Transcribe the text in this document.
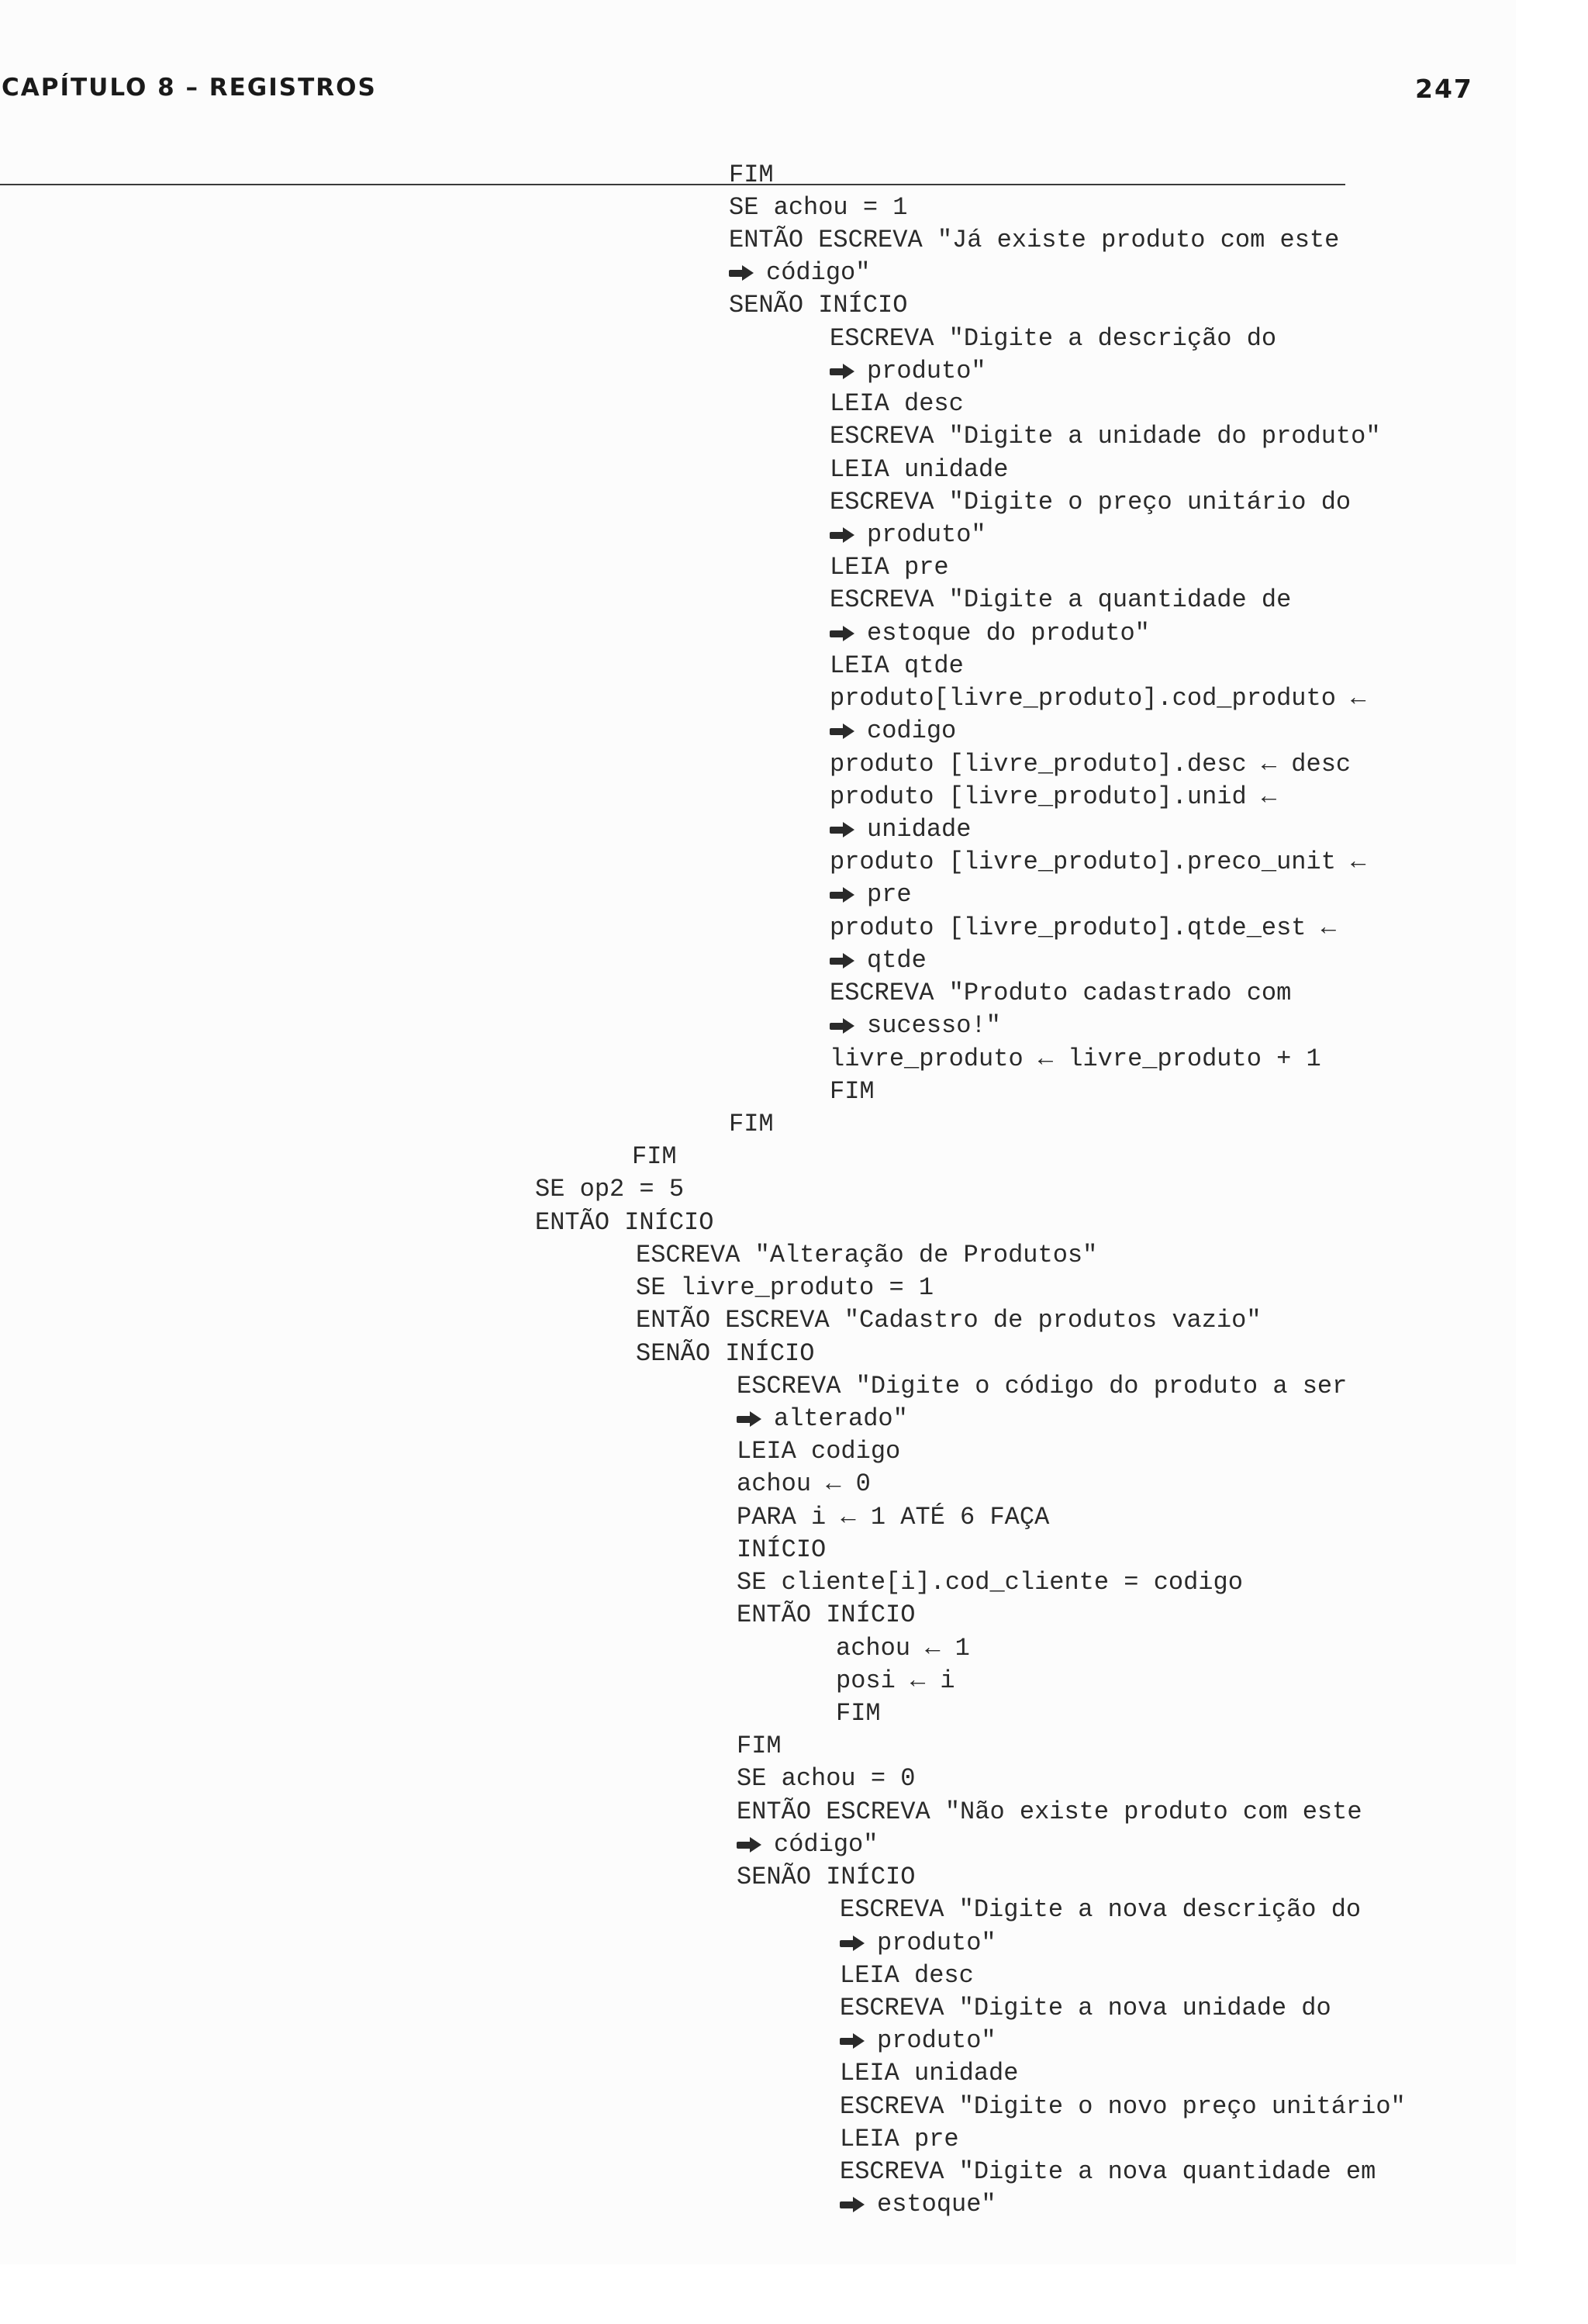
CAPÍTULO 8 – REGISTROS	247
FIM
SE achou = 1
ENTÃO ESCREVA "Já existe produto com este
código"
SENÃO INÍCIO
ESCREVA "Digite a descrição do
produto"
LEIA desc
ESCREVA "Digite a unidade do produto"
LEIA unidade
ESCREVA "Digite o preço unitário do
produto"
LEIA pre
ESCREVA "Digite a quantidade de
estoque do produto"
LEIA qtde
produto[livre_produto].cod_produto ←
codigo
produto [livre_produto].desc ← desc
produto [livre_produto].unid ←
unidade
produto [livre_produto].preco_unit ←
pre
produto [livre_produto].qtde_est ←
qtde
ESCREVA "Produto cadastrado com
sucesso!"
livre_produto ← livre_produto + 1
FIM
FIM
FIM
SE op2 = 5
ENTÃO INÍCIO
ESCREVA "Alteração de Produtos"
SE livre_produto = 1
ENTÃO ESCREVA "Cadastro de produtos vazio"
SENÃO INÍCIO
ESCREVA "Digite o código do produto a ser
alterado"
LEIA codigo
achou ← 0
PARA i ← 1 ATÉ 6 FAÇA
INÍCIO
SE cliente[i].cod_cliente = codigo
ENTÃO INÍCIO
achou ← 1
posi ← i
FIM
FIM
SE achou = 0
ENTÃO ESCREVA "Não existe produto com este
código"
SENÃO INÍCIO
ESCREVA "Digite a nova descrição do
produto"
LEIA desc
ESCREVA "Digite a nova unidade do
produto"
LEIA unidade
ESCREVA "Digite o novo preço unitário"
LEIA pre
ESCREVA "Digite a nova quantidade em
estoque"
